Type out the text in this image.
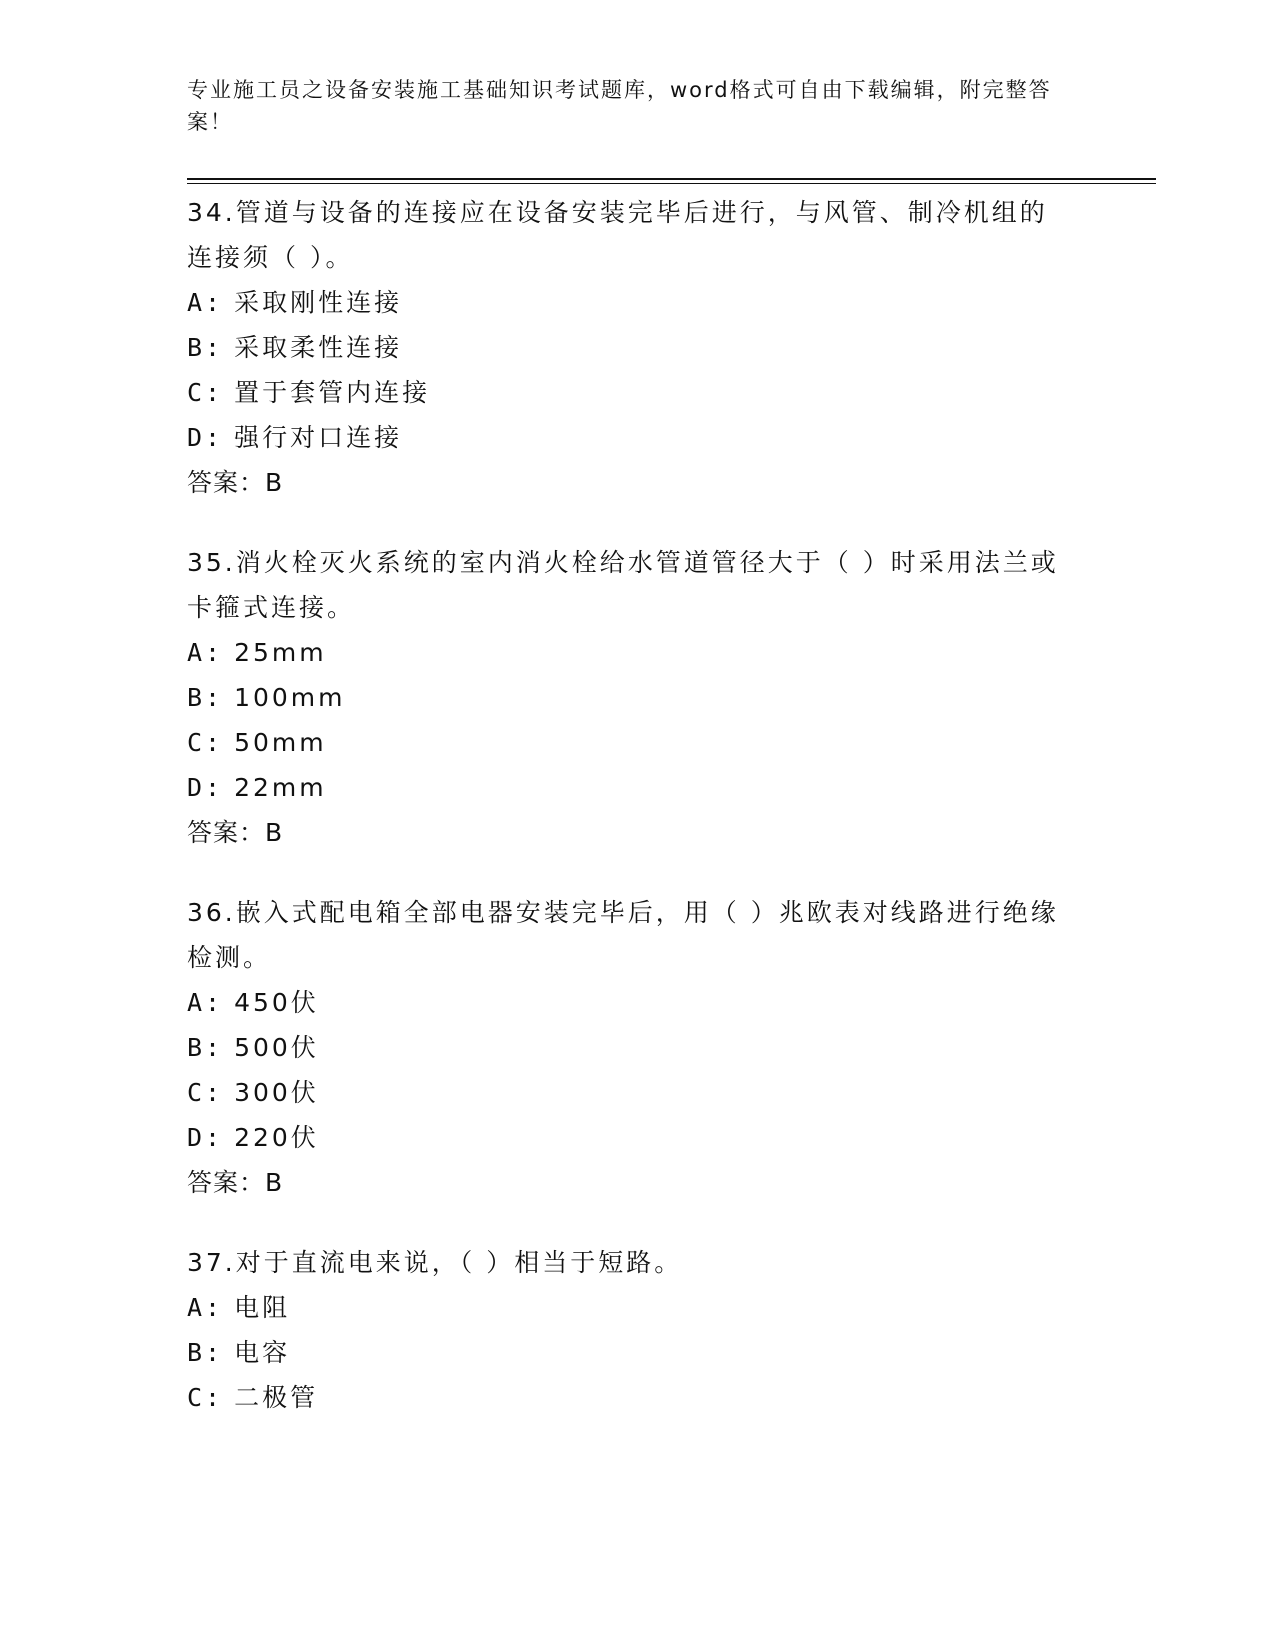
专业施工员之设备安装施工基础知识考试题库，word格式可自由下载编辑，附完整答案！
34.管道与设备的连接应在设备安装完毕后进行，与风管、制冷机组的连接须（ ）。
A: 采取刚性连接
B: 采取柔性连接
C: 置于套管内连接
D: 强行对口连接
答案：B
35.消火栓灭火系统的室内消火栓给水管道管径大于（ ）时采用法兰或卡箍式连接。
A: 25mm
B: 100mm
C: 50mm
D: 22mm
答案：B
36.嵌入式配电箱全部电器安装完毕后，用（ ）兆欧表对线路进行绝缘检测。
A: 450伏
B: 500伏
C: 300伏
D: 220伏
答案：B
37.对于直流电来说，（ ）相当于短路。
A: 电阻
B: 电容
C: 二极管
